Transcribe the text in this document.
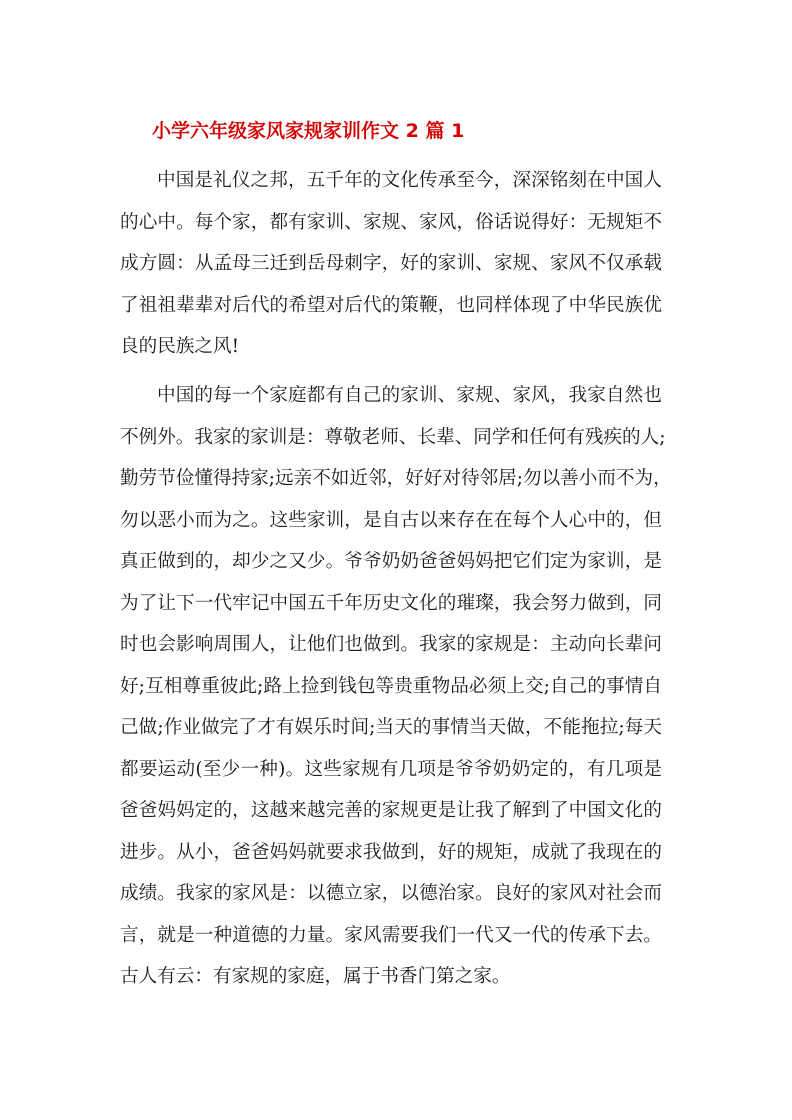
小学六年级家风家规家训作文 2 篇 1
中国是礼仪之邦，五千年的文化传承至今，深深铭刻在中国人
的心中。每个家，都有家训、家规、家风，俗话说得好：无规矩不
成方圆：从孟母三迁到岳母刺字，好的家训、家规、家风不仅承载
了祖祖辈辈对后代的希望对后代的策鞭，也同样体现了中华民族优
良的民族之风!
中国的每一个家庭都有自己的家训、家规、家风，我家自然也
不例外。我家的家训是：尊敬老师、长辈、同学和任何有残疾的人;
勤劳节俭懂得持家;远亲不如近邻，好好对待邻居;勿以善小而不为，
勿以恶小而为之。这些家训，是自古以来存在在每个人心中的，但
真正做到的，却少之又少。爷爷奶奶爸爸妈妈把它们定为家训，是
为了让下一代牢记中国五千年历史文化的璀璨，我会努力做到，同
时也会影响周围人，让他们也做到。我家的家规是：主动向长辈问
好;互相尊重彼此;路上捡到钱包等贵重物品必须上交;自己的事情自
己做;作业做完了才有娱乐时间;当天的事情当天做，不能拖拉;每天
都要运动(至少一种)。这些家规有几项是爷爷奶奶定的，有几项是
爸爸妈妈定的，这越来越完善的家规更是让我了解到了中国文化的
进步。从小，爸爸妈妈就要求我做到，好的规矩，成就了我现在的
成绩。我家的家风是：以德立家，以德治家。良好的家风对社会而
言，就是一种道德的力量。家风需要我们一代又一代的传承下去。
古人有云：有家规的家庭，属于书香门第之家。
